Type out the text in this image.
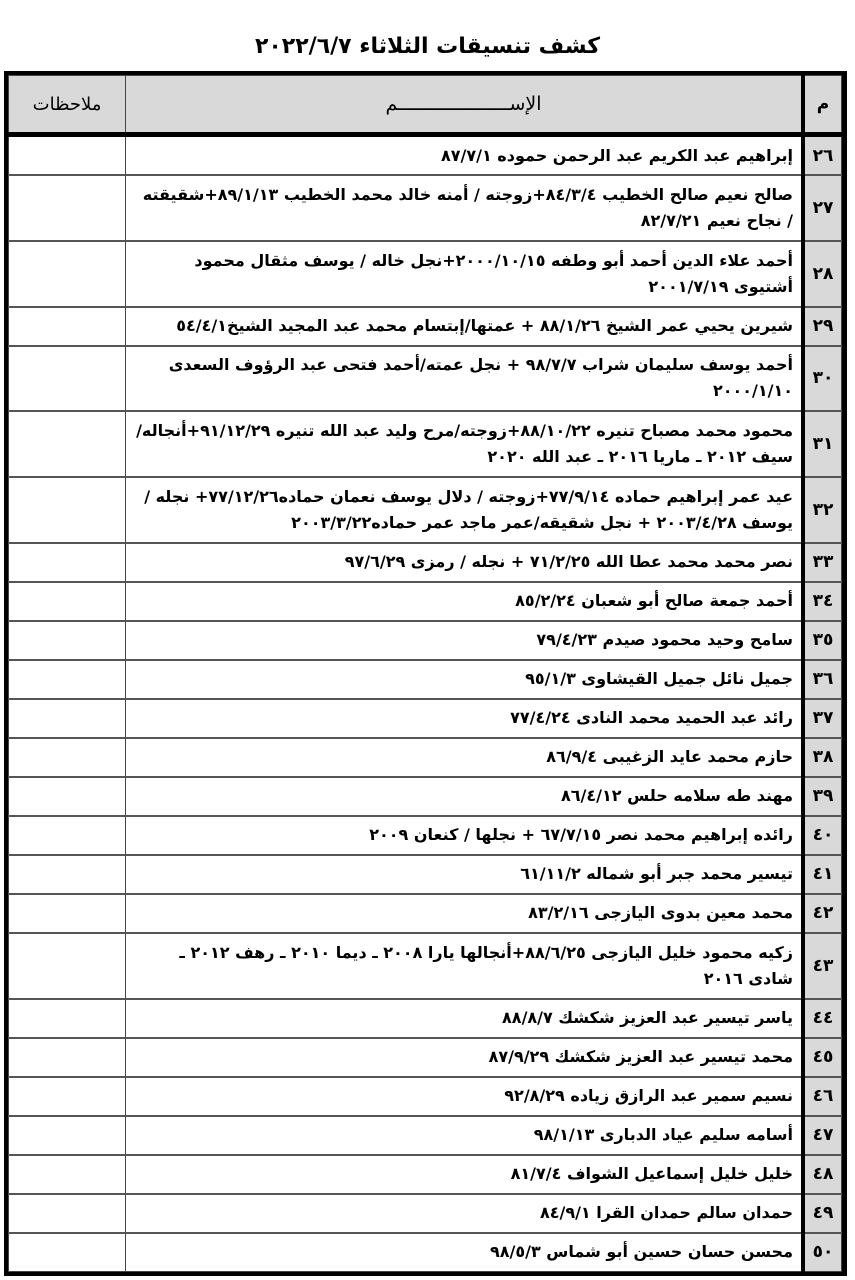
كشف تنسيقات الثلاثاء ٢٠٢٢/٦/٧
م	الإســــــــــــــــــــم	ملاحظات
٢٦	إبراهيم عبد الكريم عبد الرحمن حموده ٨٧/٧/١	
٢٧	صالح نعيم صالح الخطيب ٨٤/٣/٤+زوجته / أمنه خالد محمد الخطيب ٨٩/١/١٣+شقيقته / نجاح نعيم ٨٢/٧/٢١	
٢٨	أحمد علاء الدين أحمد أبو وطفه ٢٠٠٠/١٠/١٥+نجل خاله / يوسف مثقال محمود أشتيوى ٢٠٠١/٧/١٩	
٢٩	شيرين يحيي عمر الشيخ ٨٨/١/٢٦ + عمتها/إبتسام محمد عبد المجيد الشيخ٥٤/٤/١	
٣٠	أحمد يوسف سليمان شراب ٩٨/٧/٧ + نجل عمته/أحمد فتحى عبد الرؤوف السعدى ٢٠٠٠/١/١٠	
٣١	محمود محمد مصباح تنيره ٨٨/١٠/٢٢+زوجته/مرح وليد عبد الله تنيره ٩١/١٢/٢٩+أنجاله/ سيف ٢٠١٢ ـ ماريا ٢٠١٦ ـ عبد الله ٢٠٢٠	
٣٢	عيد عمر إبراهيم حماده ٧٧/٩/١٤+زوجته / دلال يوسف نعمان حماده٧٧/١٢/٢٦+ نجله / يوسف ٢٠٠٣/٤/٢٨ + نجل شقيقه/عمر ماجد عمر حماده٢٠٠٣/٣/٢٢	
٣٣	نصر محمد محمد عطا الله ٧١/٢/٢٥ + نجله / رمزى ٩٧/٦/٢٩	
٣٤	أحمد جمعة صالح أبو شعبان ٨٥/٢/٢٤	
٣٥	سامح وحيد محمود صيدم ٧٩/٤/٢٣	
٣٦	جميل نائل جميل القيشاوى ٩٥/١/٣	
٣٧	رائد عبد الحميد محمد النادى ٧٧/٤/٢٤	
٣٨	حازم محمد عايد الزغيبى ٨٦/٩/٤	
٣٩	مهند طه سلامه حلس ٨٦/٤/١٢	
٤٠	رائده إبراهيم محمد نصر ٦٧/٧/١٥ + نجلها / كنعان ٢٠٠٩	
٤١	تيسير محمد جبر أبو شماله ٦١/١١/٢	
٤٢	محمد معين بدوى اليازجى ٨٣/٢/١٦	
٤٣	زكيه محمود خليل اليازجى ٨٨/٦/٢٥+أنجالها يارا ٢٠٠٨ ـ ديما ٢٠١٠ ـ رهف ٢٠١٢ ـ شادى ٢٠١٦	
٤٤	ياسر تيسير عبد العزيز شكشك ٨٨/٨/٧	
٤٥	محمد تيسير عبد العزيز شكشك ٨٧/٩/٢٩	
٤٦	نسيم سمير عبد الرازق زياده ٩٢/٨/٢٩	
٤٧	أسامه سليم عياد الدبارى ٩٨/١/١٣	
٤٨	خليل خليل إسماعيل الشواف ٨١/٧/٤	
٤٩	حمدان سالم حمدان القرا ٨٤/٩/١	
٥٠	محسن حسان حسين أبو شماس ٩٨/٥/٣	
